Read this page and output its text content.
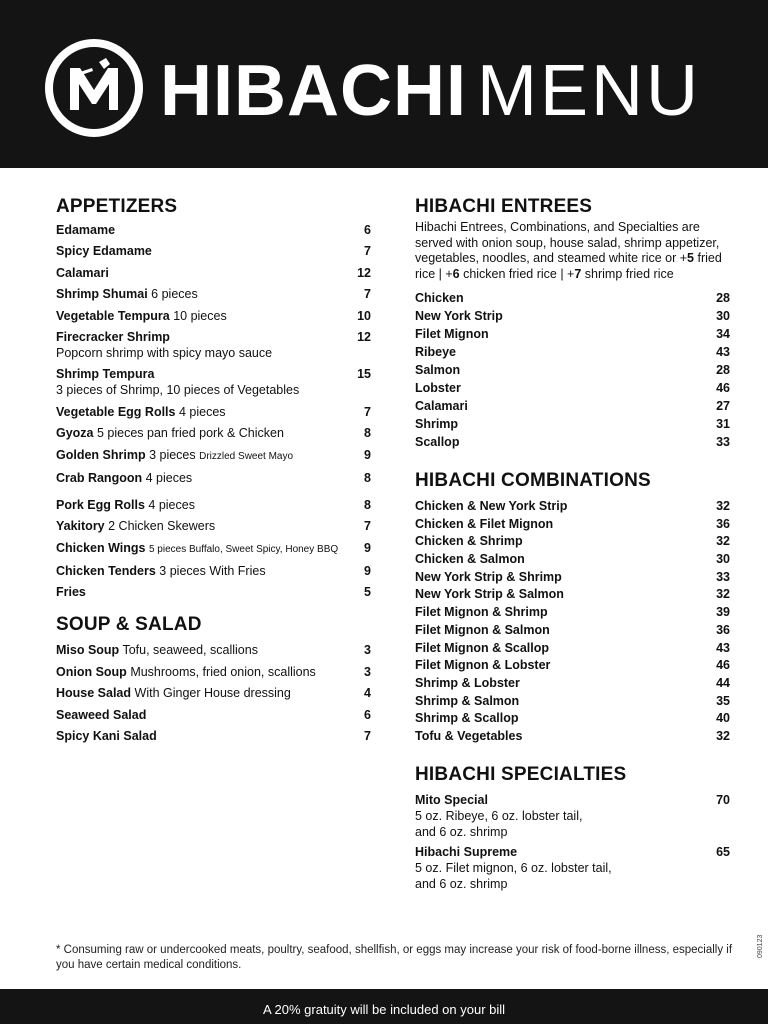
HIBACHI MENU
APPETIZERS
Edamame	6
Spicy Edamame	7
Calamari	12
Shrimp Shumai 6 pieces	7
Vegetable Tempura 10 pieces	10
Firecracker Shrimp	12
Popcorn shrimp with spicy mayo sauce
Shrimp Tempura	15
3 pieces of Shrimp, 10 pieces of Vegetables
Vegetable Egg Rolls 4 pieces	7
Gyoza 5 pieces pan fried pork & Chicken	8
Golden Shrimp 3 pieces Drizzled Sweet Mayo	9
Crab Rangoon 4 pieces	8
Pork Egg Rolls 4 pieces	8
Yakitory 2 Chicken Skewers	7
Chicken Wings 5 pieces Buffalo, Sweet Spicy, Honey BBQ 9
Chicken Tenders 3 pieces With Fries	9
Fries	5
SOUP & SALAD
Miso Soup Tofu, seaweed, scallions	3
Onion Soup Mushrooms, fried onion, scallions	3
House Salad With Ginger House dressing	4
Seaweed Salad	6
Spicy Kani Salad	7
HIBACHI ENTREES
Hibachi Entrees, Combinations, and Specialties are served with onion soup, house salad, shrimp appetizer, vegetables, noodles, and steamed white rice or +5 fried rice | +6 chicken fried rice | +7 shrimp fried rice
Chicken	28
New York Strip	30
Filet Mignon	34
Ribeye	43
Salmon	28
Lobster	46
Calamari	27
Shrimp	31
Scallop	33
HIBACHI COMBINATIONS
Chicken & New York Strip	32
Chicken & Filet Mignon	36
Chicken & Shrimp	32
Chicken & Salmon	30
New York Strip & Shrimp	33
New York Strip & Salmon	32
Filet Mignon & Shrimp	39
Filet Mignon & Salmon	36
Filet Mignon & Scallop	43
Filet Mignon & Lobster	46
Shrimp & Lobster	44
Shrimp & Salmon	35
Shrimp & Scallop	40
Tofu & Vegetables	32
HIBACHI SPECIALTIES
Mito Special	70
5 oz. Ribeye, 6 oz. lobster tail,
and 6 oz. shrimp
Hibachi Supreme	65
5 oz. Filet mignon, 6 oz. lobster tail,
and 6 oz. shrimp
* Consuming raw or undercooked meats, poultry, seafood, shellfish, or eggs may increase your risk of food-borne illness, especially if you have certain medical conditions.
090123
A 20% gratuity will be included on your bill
